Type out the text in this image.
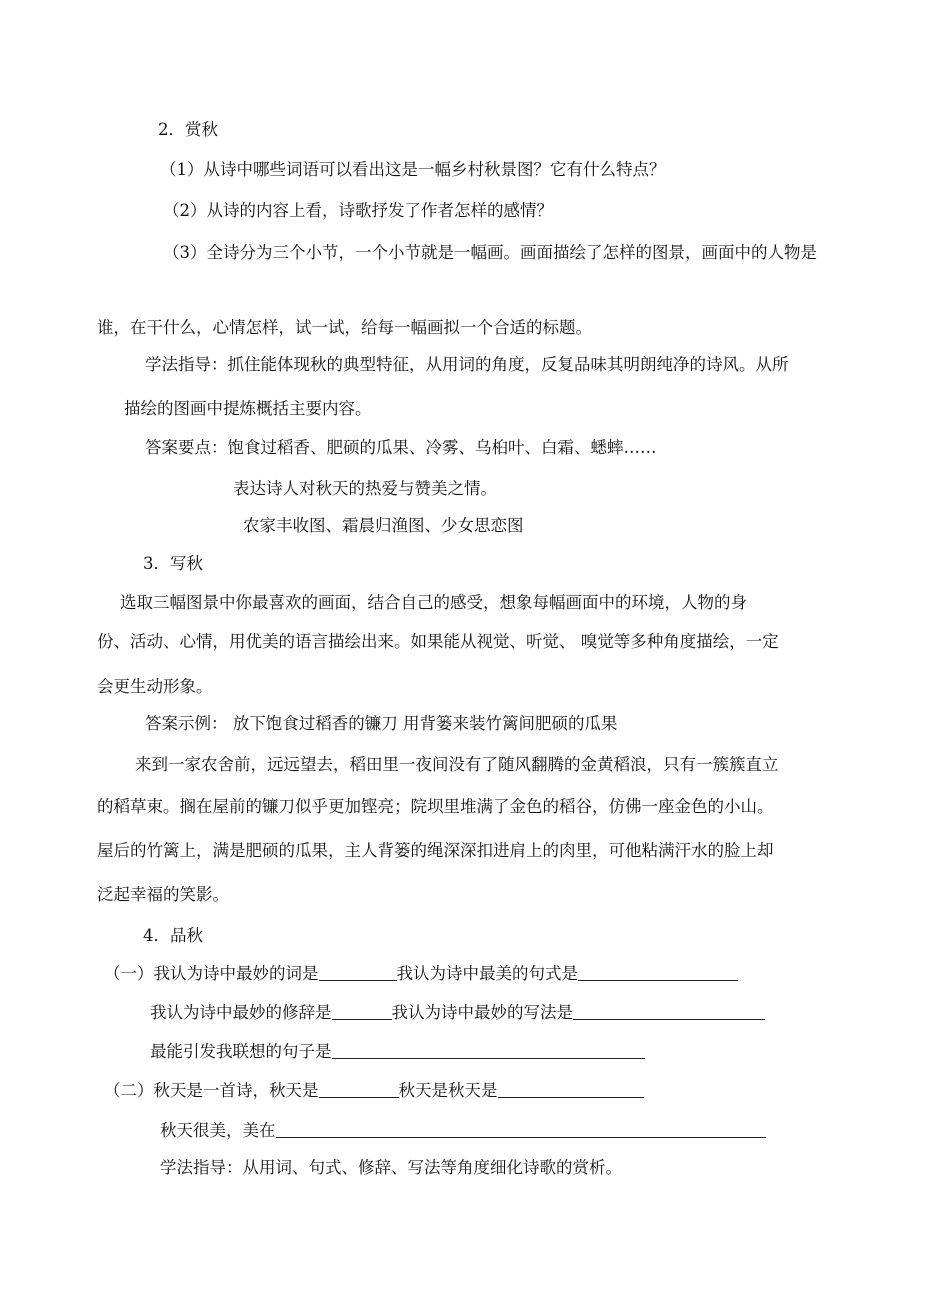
2．赏秋
（1）从诗中哪些词语可以看出这是一幅乡村秋景图？它有什么特点？
（2）从诗的内容上看，诗歌抒发了作者怎样的感情？
（3）全诗分为三个小节，一个小节就是一幅画。画面描绘了怎样的图景，画面中的人物是
谁，在干什么，心情怎样，试一试，给每一幅画拟一个合适的标题。
学法指导：抓住能体现秋的典型特征，从用词的角度，反复品味其明朗纯净的诗风。从所
描绘的图画中提炼概括主要内容。
答案要点：饱食过稻香、肥硕的瓜果、冷雾、乌桕叶、白霜、蟋蟀……
表达诗人对秋天的热爱与赞美之情。
农家丰收图、霜晨归渔图、少女思恋图
3．写秋
选取三幅图景中你最喜欢的画面，结合自己的感受，想象每幅画面中的环境，人物的身
份、活动、心情，用优美的语言描绘出来。如果能从视觉、听觉、 嗅觉等多种角度描绘，一定
会更生动形象。
答案示例： 放下饱食过稻香的镰刀 用背篓来装竹篱间肥硕的瓜果
来到一家农舍前，远远望去，稻田里一夜间没有了随风翻腾的金黄稻浪，只有一簇簇直立
的稻草束。搁在屋前的镰刀似乎更加铿亮；院坝里堆满了金色的稻谷，仿佛一座金色的小山。
屋后的竹篱上，满是肥硕的瓜果，主人背篓的绳深深扣进肩上的肉里，可他粘满汗水的脸上却
泛起幸福的笑影。
4．品秋
（一）我认为诗中最妙的词是	我认为诗中最美的句式是
我认为诗中最妙的修辞是	我认为诗中最妙的写法是
最能引发我联想的句子是
（二）秋天是一首诗，秋天是	秋天是秋天是
秋天很美，美在
学法指导：从用词、句式、修辞、写法等角度细化诗歌的赏析。
